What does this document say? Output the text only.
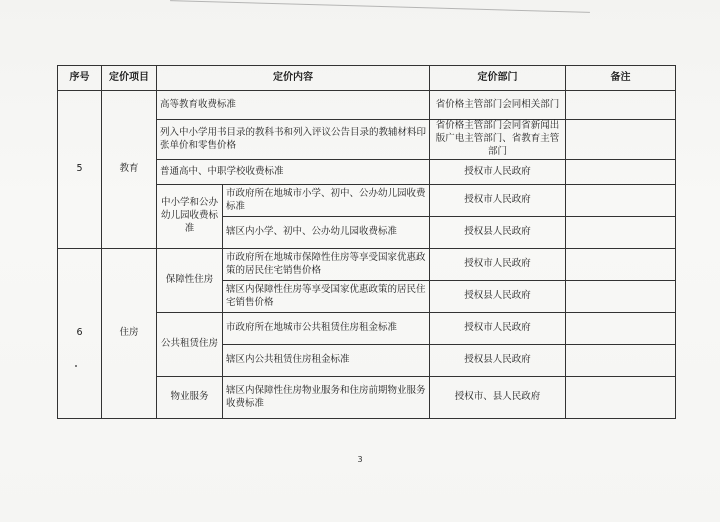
序号	定价项目	定价内容		定价部门	备注
5	教育	高等教育收费标准		省价格主管部门会同相关部门	
		列入中小学用书目录的教科书和列入评议公告目录的教辅材料印张单价和零售价格		省价格主管部门会同省新闻出版广电主管部门、省教育主管部门	
		普通高中、中职学校收费标准		授权市人民政府	
		中小学和公办幼儿园收费标准	市政府所在地城市小学、初中、公办幼儿园收费标准	授权市人民政府	
			辖区内小学、初中、公办幼儿园收费标准	授权县人民政府	
6	住房	保障性住房	市政府所在地城市保障性住房等享受国家优惠政策的居民住宅销售价格	授权市人民政府	
			辖区内保障性住房等享受国家优惠政策的居民住宅销售价格	授权县人民政府	
		公共租赁住房	市政府所在地城市公共租赁住房租金标准	授权市人民政府	
			辖区内公共租赁住房租金标准	授权县人民政府	
		物业服务	辖区内保障性住房物业服务和住房前期物业服务收费标准	授权市、县人民政府	
3
